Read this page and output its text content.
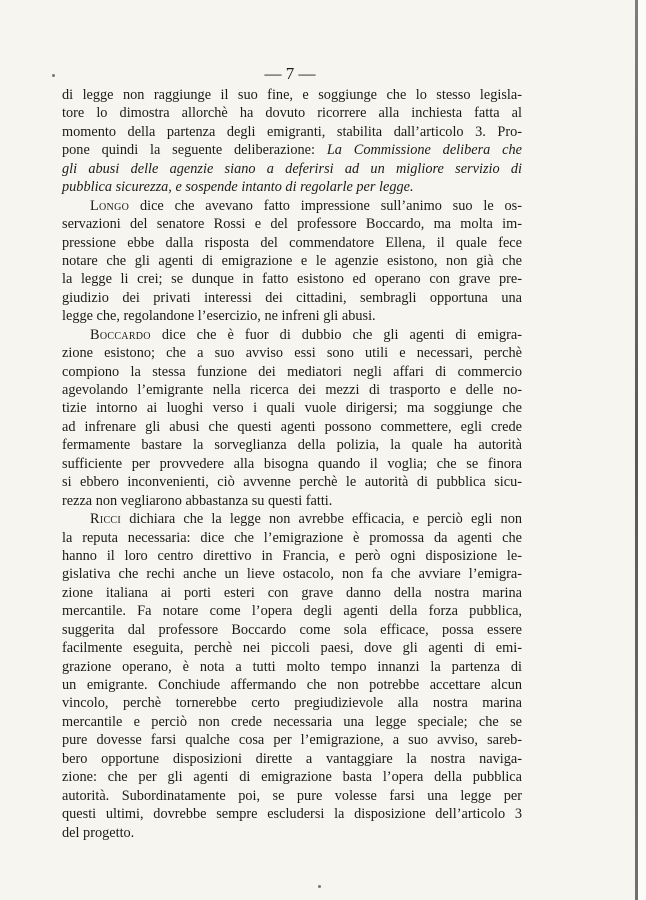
— 7 —
di legge non raggiunge il suo fine, e soggiunge che lo stesso legisla-
tore lo dimostra allorchè ha dovuto ricorrere alla inchiesta fatta al
momento della partenza degli emigranti, stabilita dall’articolo 3. Pro-
pone quindi la seguente deliberazione: La Commissione delibera che
gli abusi delle agenzie siano a deferirsi ad un migliore servizio di
pubblica sicurezza, e sospende intanto di regolarle per legge.
Longo dice che avevano fatto impressione sull’animo suo le os-
servazioni del senatore Rossi e del professore Boccardo, ma molta im-
pressione ebbe dalla risposta del commendatore Ellena, il quale fece
notare che gli agenti di emigrazione e le agenzie esistono, non già che
la legge li crei; se dunque in fatto esistono ed operano con grave pre-
giudizio dei privati interessi dei cittadini, sembragli opportuna una
legge che, regolandone l’esercizio, ne infreni gli abusi.
Boccardo dice che è fuor di dubbio che gli agenti di emigra-
zione esistono; che a suo avviso essi sono utili e necessari, perchè
compiono la stessa funzione dei mediatori negli affari di commercio
agevolando l’emigrante nella ricerca dei mezzi di trasporto e delle no-
tizie intorno ai luoghi verso i quali vuole dirigersi; ma soggiunge che
ad infrenare gli abusi che questi agenti possono commettere, egli crede
fermamente bastare la sorveglianza della polizia, la quale ha autorità
sufficiente per provvedere alla bisogna quando il voglia; che se finora
si ebbero inconvenienti, ciò avvenne perchè le autorità di pubblica sicu-
rezza non vegliarono abbastanza su questi fatti.
Ricci dichiara che la legge non avrebbe efficacia, e perciò egli non
la reputa necessaria: dice che l’emigrazione è promossa da agenti che
hanno il loro centro direttivo in Francia, e però ogni disposizione le-
gislativa che rechi anche un lieve ostacolo, non fa che avviare l’emigra-
zione italiana ai porti esteri con grave danno della nostra marina
mercantile. Fa notare come l’opera degli agenti della forza pubblica,
suggerita dal professore Boccardo come sola efficace, possa essere
facilmente eseguita, perchè nei piccoli paesi, dove gli agenti di emi-
grazione operano, è nota a tutti molto tempo innanzi la partenza di
un emigrante. Conchiude affermando che non potrebbe accettare alcun
vincolo, perchè tornerebbe certo pregiudizievole alla nostra marina
mercantile e perciò non crede necessaria una legge speciale; che se
pure dovesse farsi qualche cosa per l’emigrazione, a suo avviso, sareb-
bero opportune disposizioni dirette a vantaggiare la nostra naviga-
zione: che per gli agenti di emigrazione basta l’opera della pubblica
autorità. Subordinatamente poi, se pure volesse farsi una legge per
questi ultimi, dovrebbe sempre escludersi la disposizione dell’articolo 3
del progetto.
